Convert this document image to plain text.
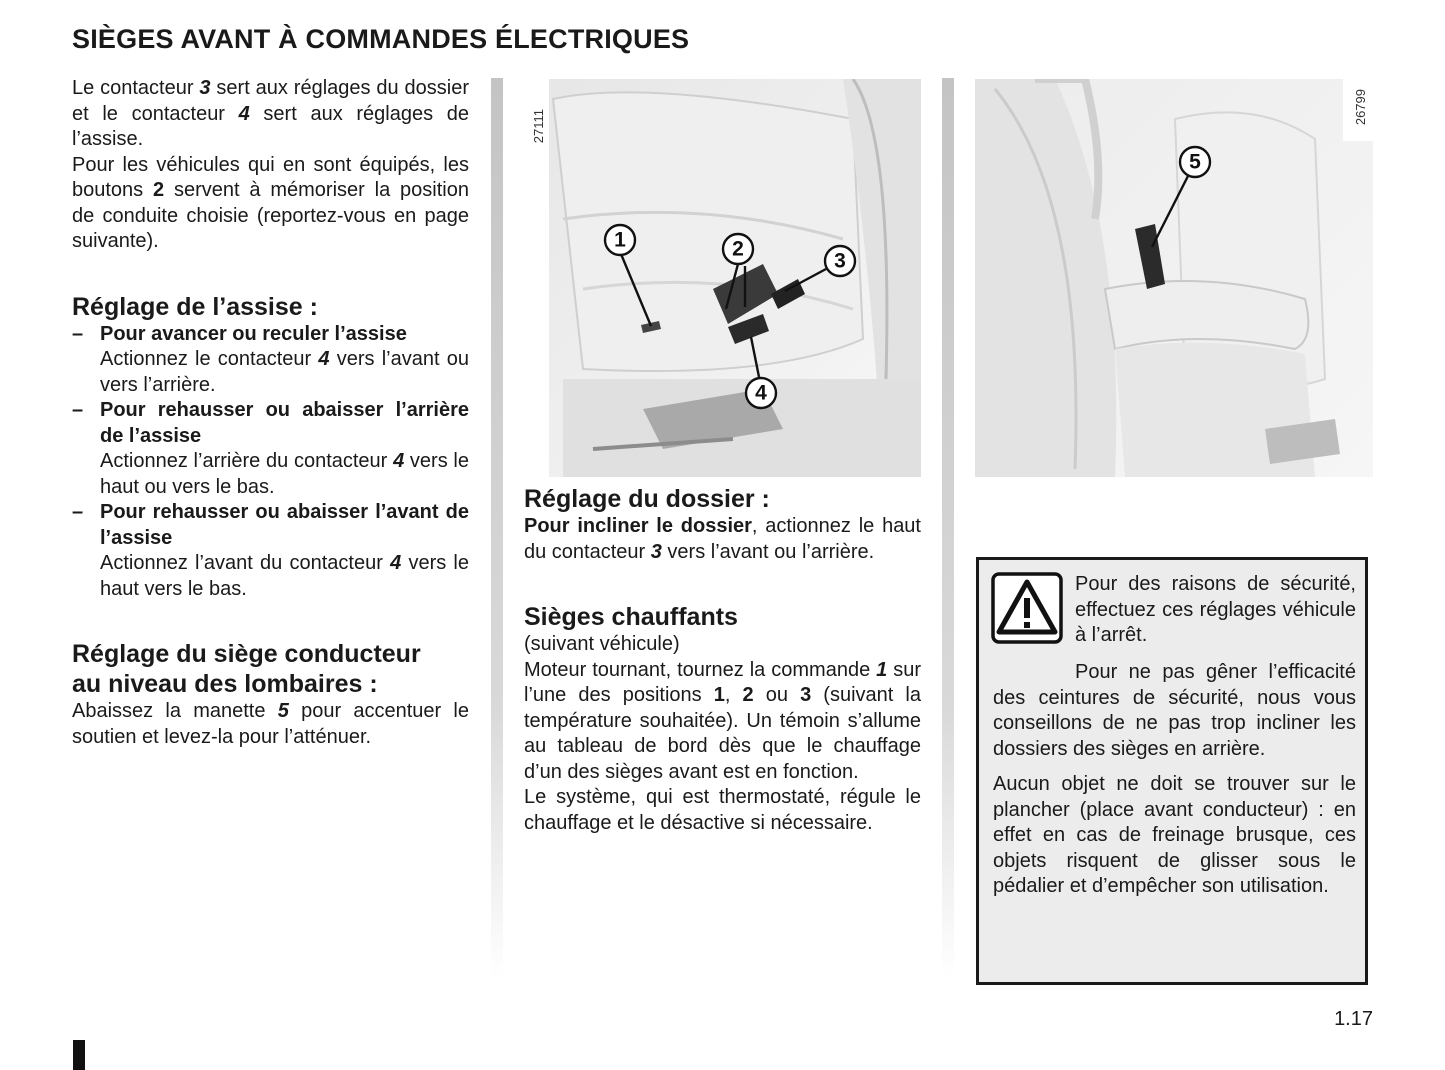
SIÈGES AVANT À COMMANDES ÉLECTRIQUES

Le contacteur 3 sert aux réglages du dossier et le contacteur 4 sert aux réglages de l’assise.

Pour les véhicules qui en sont équipés, les boutons 2 servent à mémoriser la position de conduite choisie (reportez-vous en page suivante).

Réglage de l’assise :

– Pour avancer ou reculer l’assise
Actionnez le contacteur 4 vers l’avant ou vers l’arrière.
– Pour rehausser ou abaisser l’arrière de l’assise
Actionnez l’arrière du contacteur 4 vers le haut ou vers le bas.
– Pour rehausser ou abaisser l’avant de l’assise
Actionnez l’avant du contacteur 4 vers le haut vers le bas.

Réglage du siège conducteur
au niveau des lombaires :

Abaissez la manette 5 pour accentuer le soutien et levez-la pour l’atténuer.

27111
1	2
3
4
26799
5

Réglage du dossier :

Pour incliner le dossier, actionnez le haut du contacteur 3 vers l’avant ou l’arrière.

Sièges chauffants

(suivant véhicule)

Moteur tournant, tournez la commande 1 sur l’une des positions 1, 2 ou 3 (suivant la température souhaitée). Un témoin s’allume au tableau de bord dès que le chauffage d’un des sièges avant est en fonction.

Le système, qui est thermostaté, régule le chauffage et le désactive si nécessaire.

Pour des raisons de sécurité, effectuez ces réglages véhicule à l’arrêt.

Pour ne pas gêner l’efficacité des ceintures de sécurité, nous vous conseillons de ne pas trop incliner les dossiers des sièges en arrière.

Aucun objet ne doit se trouver sur le plancher (place avant conducteur) : en effet en cas de freinage brusque, ces objets risquent de glisser sous le pédalier et d’empêcher son utilisation.

1.17
